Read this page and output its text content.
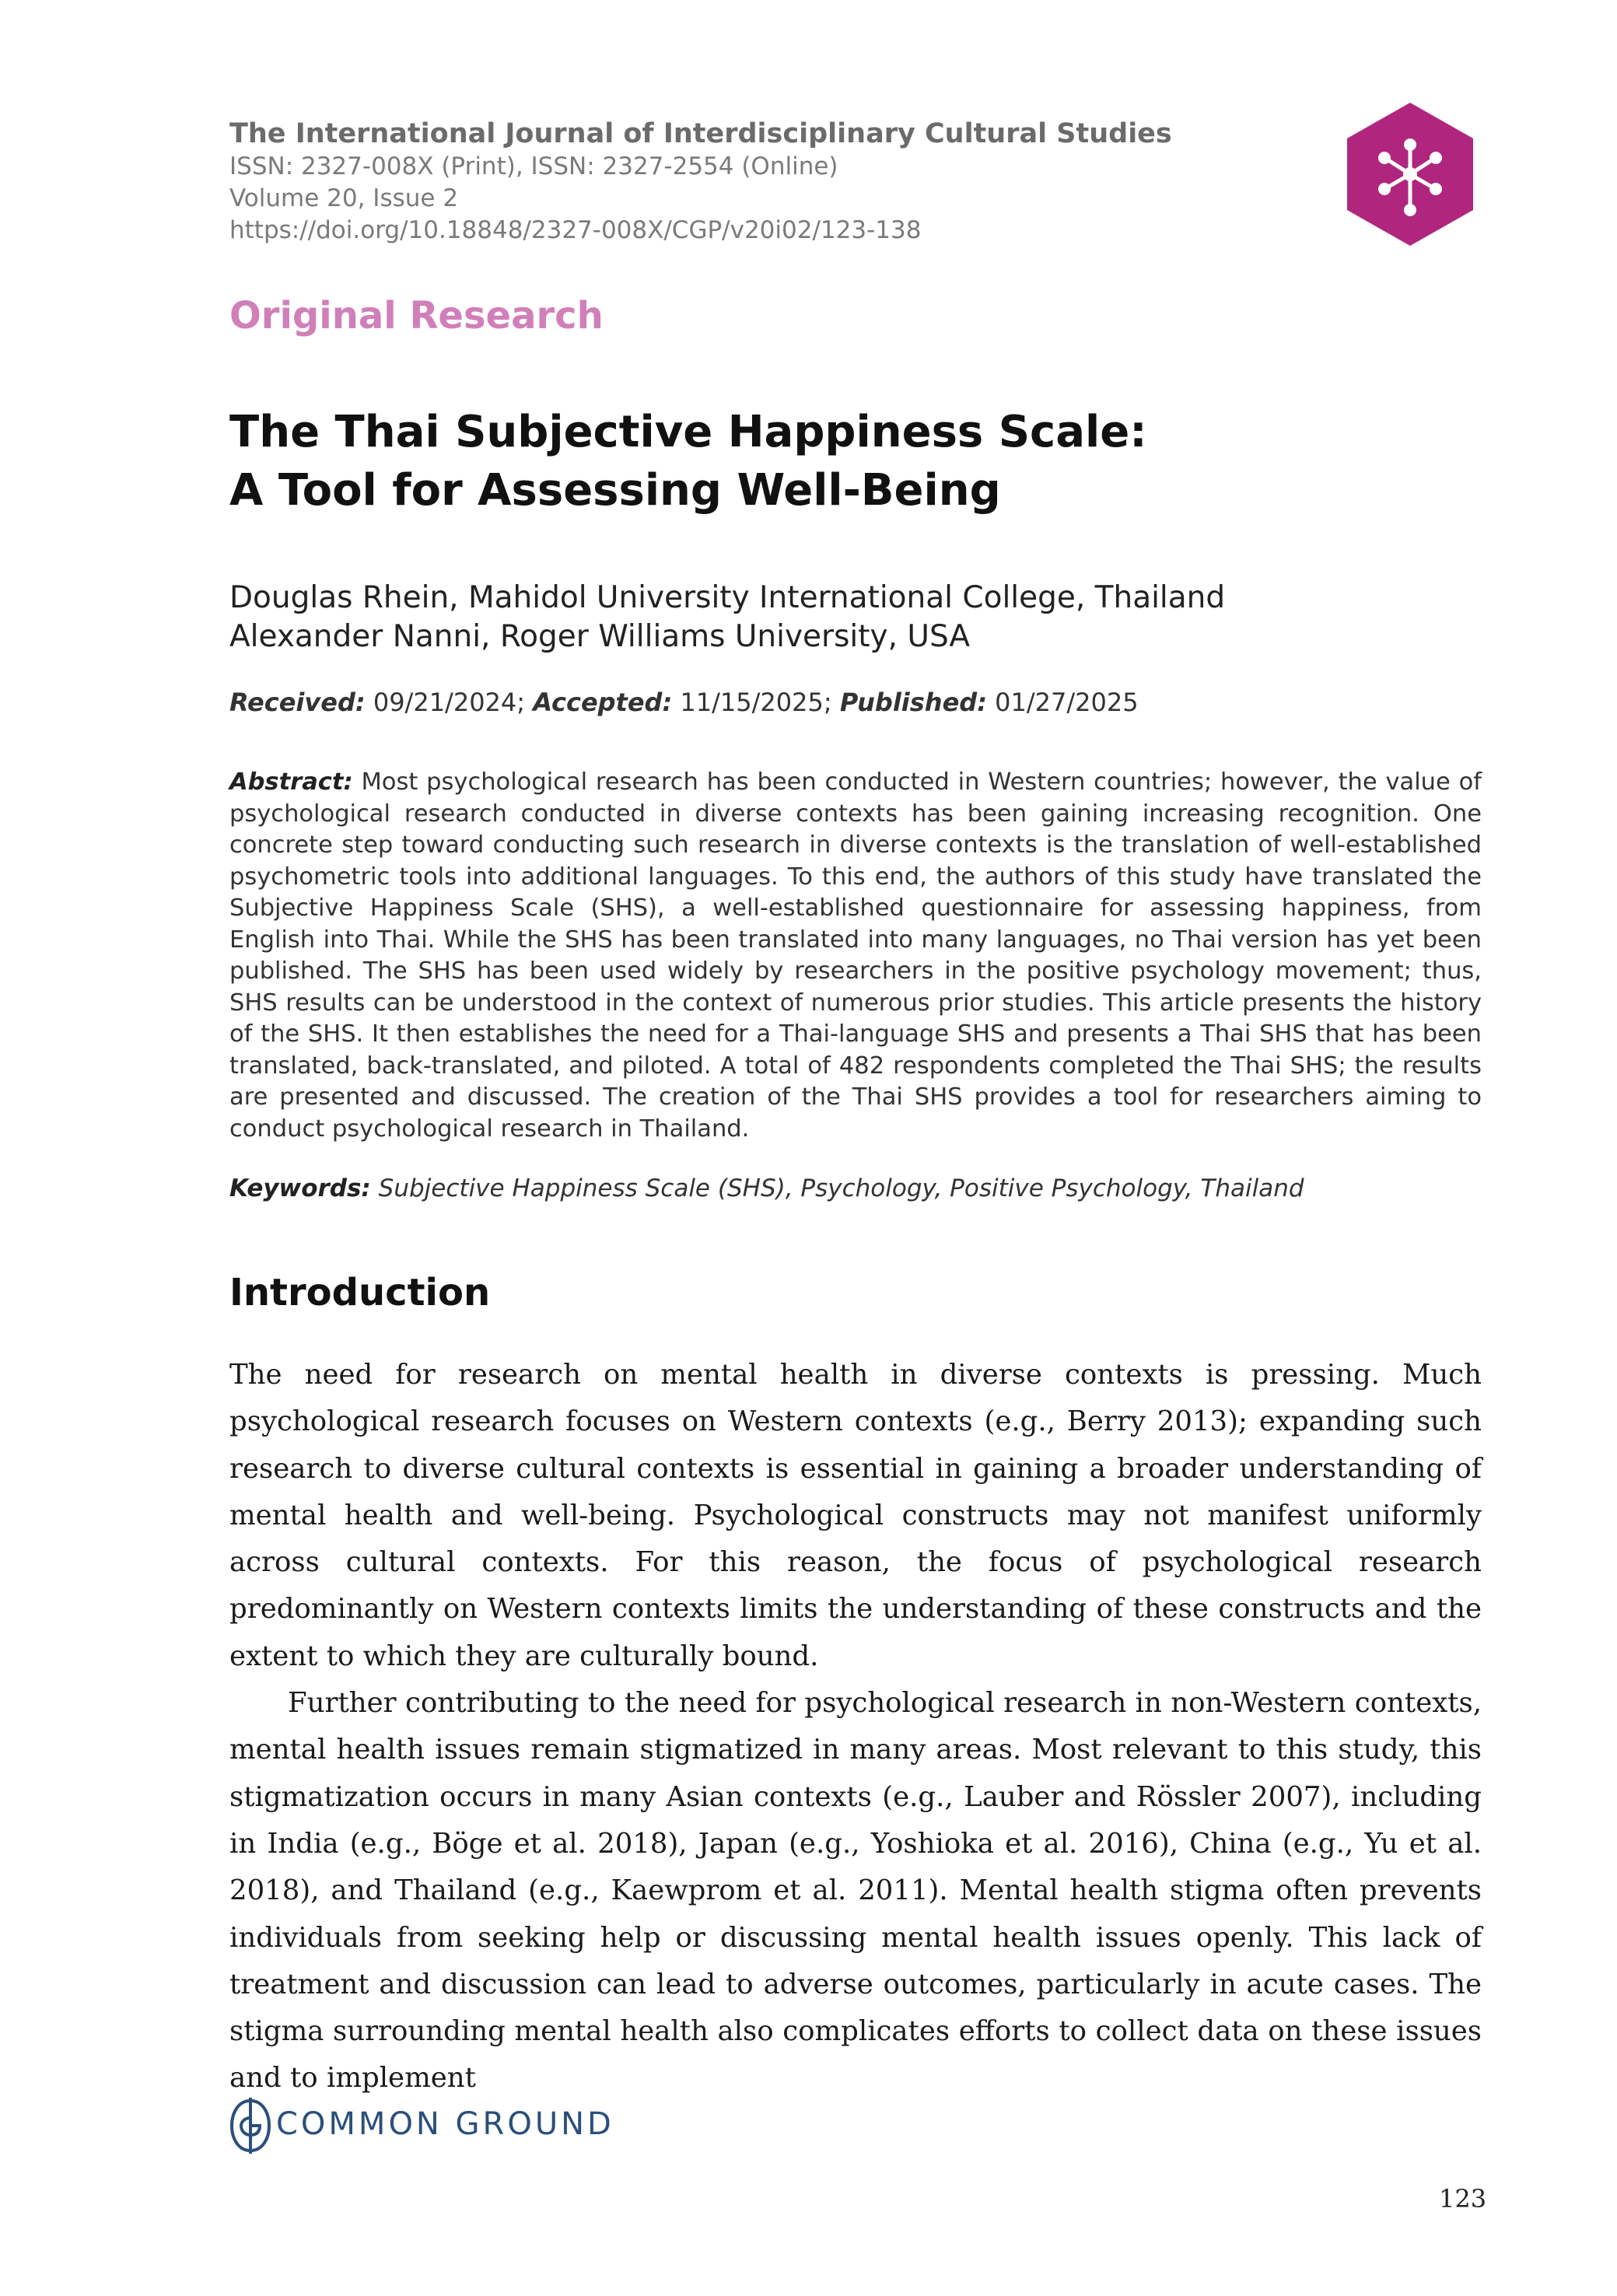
The International Journal of Interdisciplinary Cultural Studies
ISSN: 2327-008X (Print), ISSN: 2327-2554 (Online)
Volume 20, Issue 2
https://doi.org/10.18848/2327-008X/CGP/v20i02/123-138
Original Research
The Thai Subjective Happiness Scale:
A Tool for Assessing Well-Being
Douglas Rhein, Mahidol University International College, Thailand
Alexander Nanni, Roger Williams University, USA
Received: 09/21/2024; Accepted: 11/15/2025; Published: 01/27/2025
Abstract: Most psychological research has been conducted in Western countries; however, the value of psychological research conducted in diverse contexts has been gaining increasing recognition. One concrete step toward conducting such research in diverse contexts is the translation of well-established psychometric tools into additional languages. To this end, the authors of this study have translated the Subjective Happiness Scale (SHS), a well-established questionnaire for assessing happiness, from English into Thai. While the SHS has been translated into many languages, no Thai version has yet been published. The SHS has been used widely by researchers in the positive psychology movement; thus, SHS results can be understood in the context of numerous prior studies. This article presents the history of the SHS. It then establishes the need for a Thai-language SHS and presents a Thai SHS that has been translated, back-translated, and piloted. A total of 482 respondents completed the Thai SHS; the results are presented and discussed. The creation of the Thai SHS provides a tool for researchers aiming to conduct psychological research in Thailand.
Keywords: Subjective Happiness Scale (SHS), Psychology, Positive Psychology, Thailand
Introduction

The need for research on mental health in diverse contexts is pressing. Much psychological research focuses on Western contexts (e.g., Berry 2013); expanding such research to diverse cultural contexts is essential in gaining a broader understanding of mental health and well-being. Psychological constructs may not manifest uniformly across cultural contexts. For this reason, the focus of psychological research predominantly on Western contexts limits the understanding of these constructs and the extent to which they are culturally bound.

Further contributing to the need for psychological research in non-Western contexts, mental health issues remain stigmatized in many areas. Most relevant to this study, this stigmatization occurs in many Asian contexts (e.g., Lauber and Rössler 2007), including in India (e.g., Böge et al. 2018), Japan (e.g., Yoshioka et al. 2016), China (e.g., Yu et al. 2018), and Thailand (e.g., Kaewprom et al. 2011). Mental health stigma often prevents individuals from seeking help or discussing mental health issues openly. This lack of treatment and discussion can lead to adverse outcomes, particularly in acute cases. The stigma surrounding mental health also complicates efforts to collect data on these issues and to implement

COMMON GROUND
123
